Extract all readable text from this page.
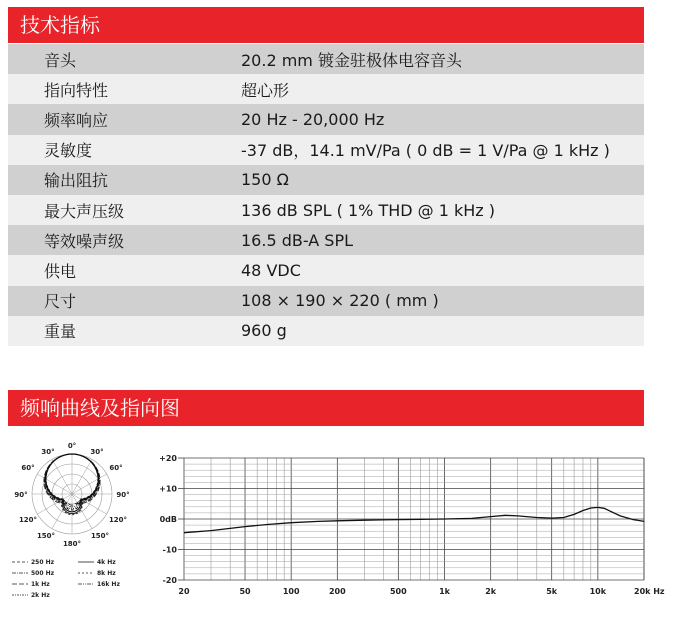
技术指标
音头	20.2 mm 镀金驻极体电容音头
指向特性	超心形
频率响应	20 Hz - 20,000 Hz
灵敏度	-37 dB，14.1 mV/Pa ( 0 dB = 1 V/Pa @ 1 kHz )
输出阻抗	150 Ω
最大声压级	136 dB SPL ( 1% THD @ 1 kHz )
等效噪声级	16.5 dB-A SPL
供电	48 VDC
尺寸	108 × 190 × 220 ( mm )
重量	960 g
频响曲线及指向图
0°
30°	30°
60°	60°
90°	90°
120°	120°
150°	150°
180°
250 Hz	4k Hz
500 Hz	8k Hz
1k Hz	16k Hz
2k Hz
+20
+10
0dB
-10
-20
20	50	100	200	500	1k	2k	5k	10k	20k Hz
